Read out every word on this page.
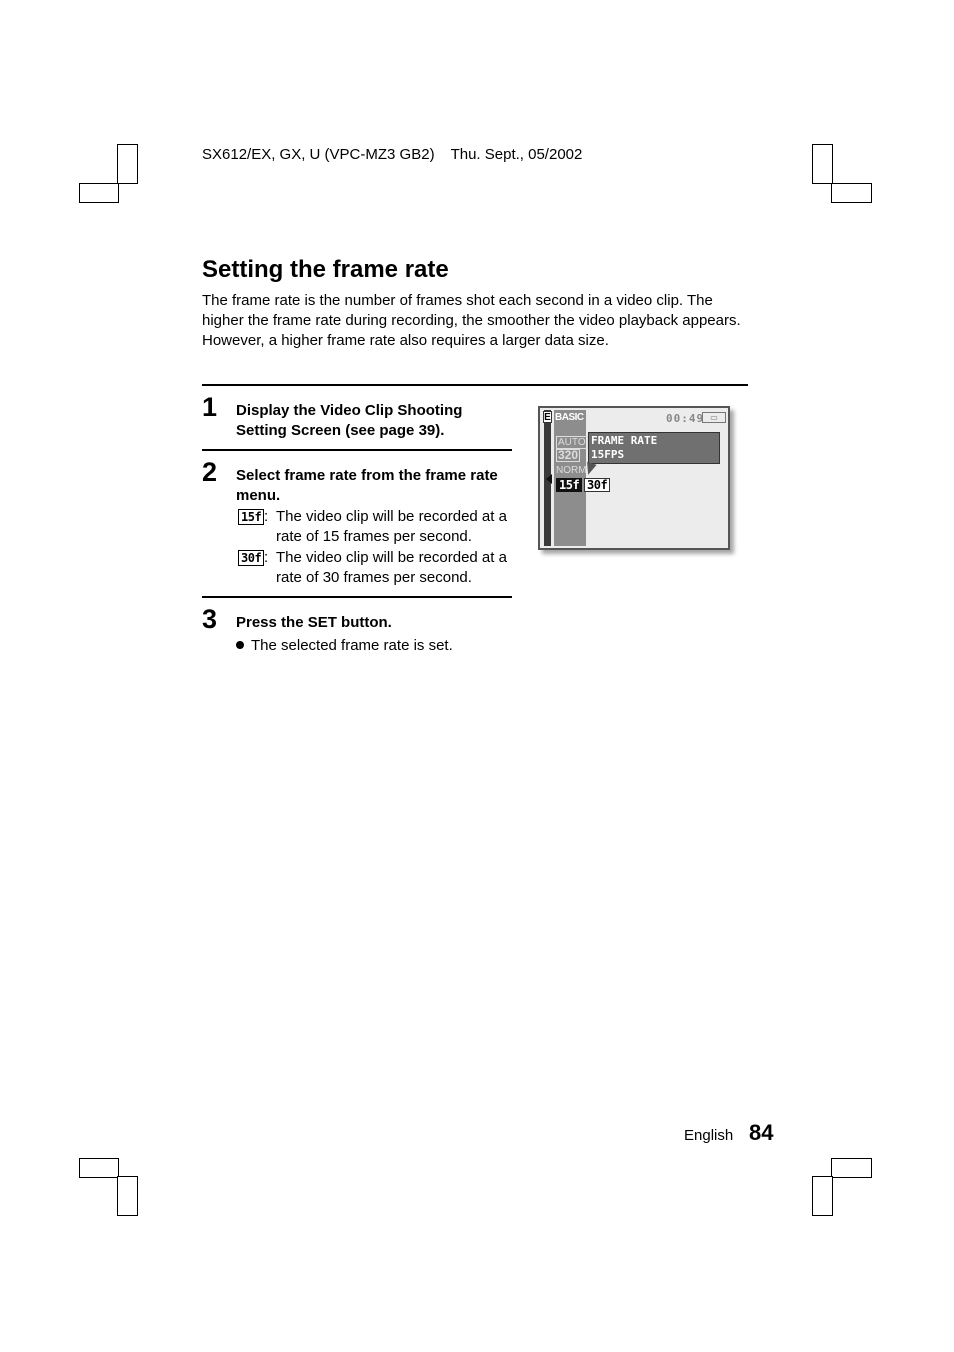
SX612/EX, GX, U (VPC-MZ3 GB2) Thu. Sept., 05/2002
Setting the frame rate

The frame rate is the number of frames shot each second in a video clip. The higher the frame rate during recording, the smoother the video playback appears. However, a higher frame rate also requires a larger data size.

1 Display the Video Clip Shooting Setting Screen (see page 39).
2 Select frame rate from the frame rate menu.
15f : The video clip will be recorded at a rate of 15 frames per second.
30f : The video clip will be recorded at a rate of 30 frames per second.
3 Press the SET button.
The selected frame rate is set.
E BASIC	00:49 ▭
AUTO
320
NORM
FRAME RATE
15FPS
15f 30f
English 84
